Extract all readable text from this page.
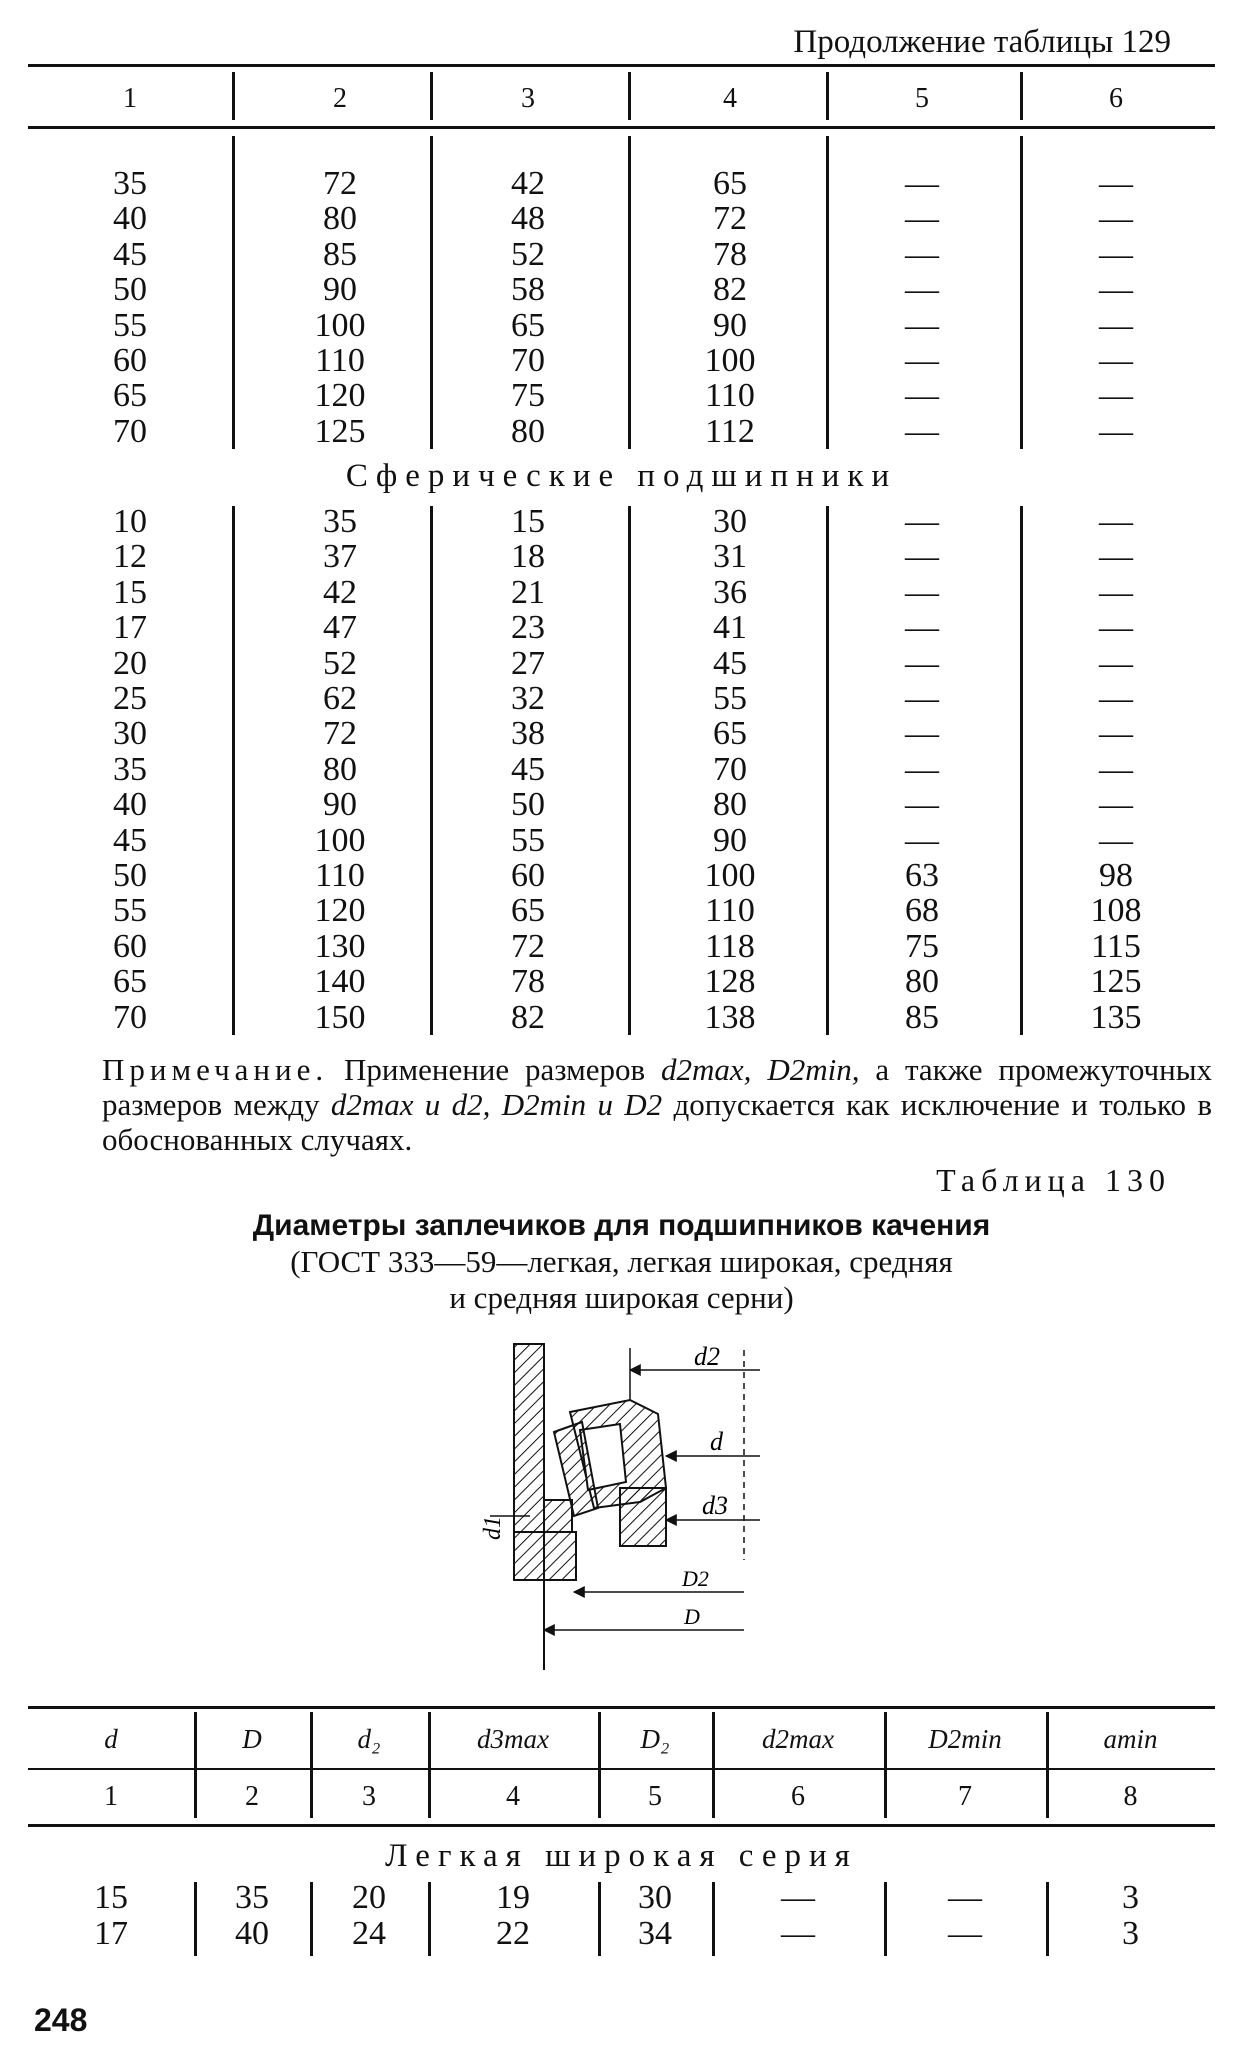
Продолжение таблицы 129
1	2	3	4	5	6
35	72	42	65	—	—
40	80	48	72	—	—
45	85	52	78	—	—
50	90	58	82	—	—
55	100	65	90	—	—
60	110	70	100	—	—
65	120	75	110	—	—
70	125	80	112	—	—
Сферические подшипники
10	35	15	30	—	—
12	37	18	31	—	—
15	42	21	36	—	—
17	47	23	41	—	—
20	52	27	45	—	—
25	62	32	55	—	—
30	72	38	65	—	—
35	80	45	70	—	—
40	90	50	80	—	—
45	100	55	90	—	—
50	110	60	100	63	98
55	120	65	110	68	108
60	130	72	118	75	115
65	140	78	128	80	125
70	150	82	138	85	135
Примечание. Применение размеров d2max, D2min, а также промежуточных размеров между d2max и d2, D2min и D2 допускается как исключение и только в обоснованных случаях.
Таблица 130
Диаметры заплечиков для подшипников качения
(ГОСТ 333—59—легкая, легкая широкая, средняя
и средняя широкая серни)
d2
d
d3
d1
D2
D
d	D	d₂	d3max	D₂	d2max	D2min	amin
1	2	3	4	5	6	7	8
Легкая широкая серия
15	35	20	19	30	—	—	3
17	40	24	22	34	—	—	3
248
